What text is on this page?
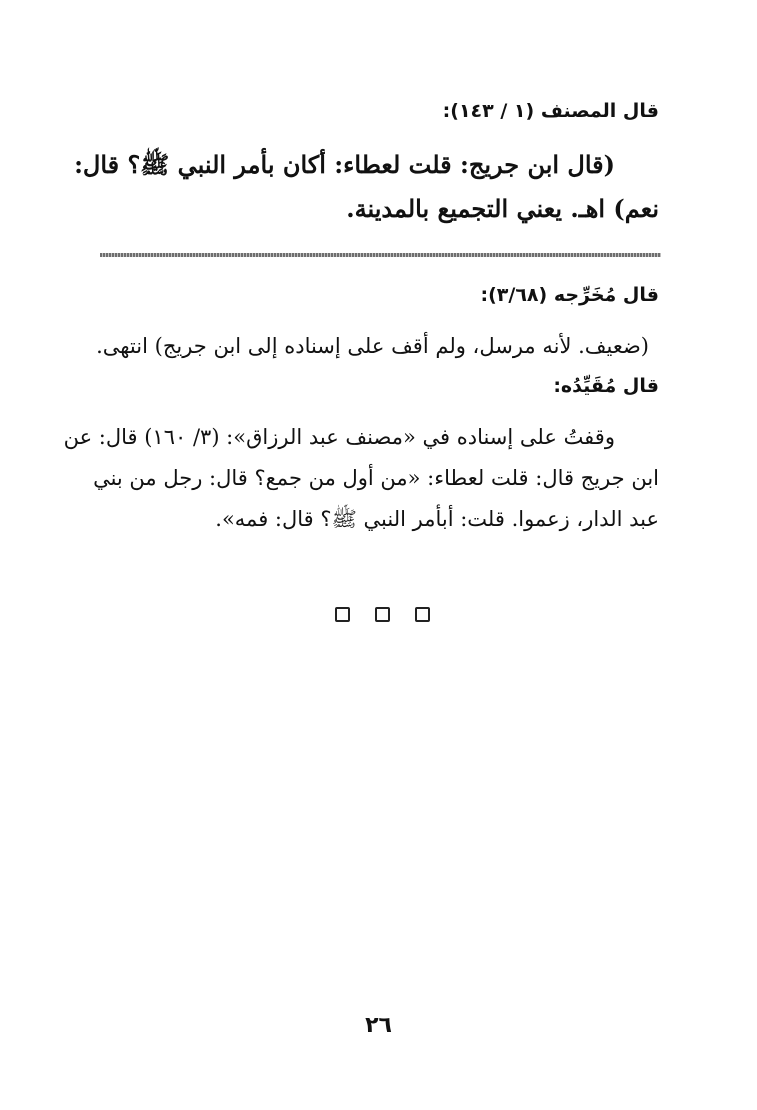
قال المصنف (١ / ١٤٣):
(قال ابن جريج: قلت لعطاء: أكان بأمر النبي ﷺ؟ قال:
نعم) اهـ. يعني التجميع بالمدينة.
قال مُخَرِّجه (٣/٦٨):
(ضعيف. لأنه مرسل، ولم أقف على إسناده إلى ابن جريج) انتهى.
قال مُقَيِّدُه:
وقفتُ على إسناده في «مصنف عبد الرزاق»: (٣/ ١٦٠) قال: عن
ابن جريج قال: قلت لعطاء: «من أول من جمع؟ قال: رجل من بني
عبد الدار، زعموا. قلت: أبأمر النبي ﷺ؟ قال: فمه».
٢٦
